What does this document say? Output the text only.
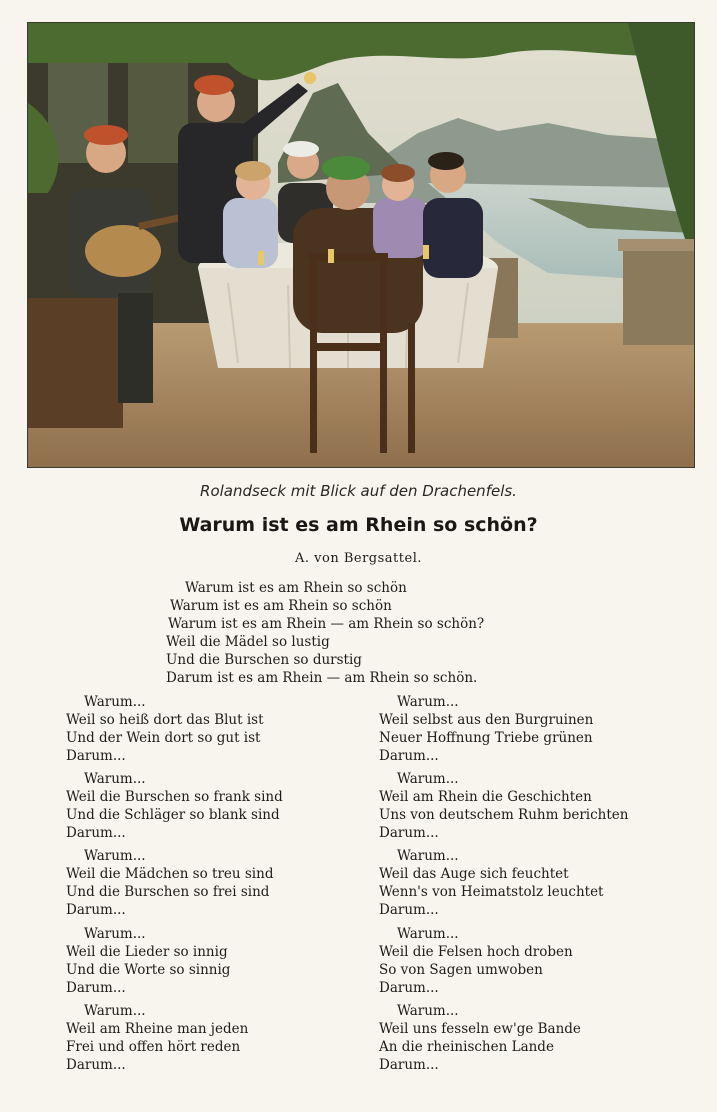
Rolandseck mit Blick auf den Drachenfels.
Warum ist es am Rhein so schön?
A. von Bergsattel.
Warum ist es am Rhein so schön
Warum ist es am Rhein so schön
Warum ist es am Rhein — am Rhein so schön?
Weil die Mädel so lustig
Und die Burschen so durstig
Darum ist es am Rhein — am Rhein so schön.
Warum...
Weil so heiß dort das Blut ist
Und der Wein dort so gut ist
Darum...
Warum...
Weil die Burschen so frank sind
Und die Schläger so blank sind
Darum...
Warum...
Weil die Mädchen so treu sind
Und die Burschen so frei sind
Darum...
Warum...
Weil die Lieder so innig
Und die Worte so sinnig
Darum...
Warum...
Weil am Rheine man jeden
Frei und offen hört reden
Darum...
Warum...
Weil selbst aus den Burgruinen
Neuer Hoffnung Triebe grünen
Darum...
Warum...
Weil am Rhein die Geschichten
Uns von deutschem Ruhm berichten
Darum...
Warum...
Weil das Auge sich feuchtet
Wenn's von Heimatstolz leuchtet
Darum...
Warum...
Weil die Felsen hoch droben
So von Sagen umwoben
Darum...
Warum...
Weil uns fesseln ew'ge Bande
An die rheinischen Lande
Darum...
